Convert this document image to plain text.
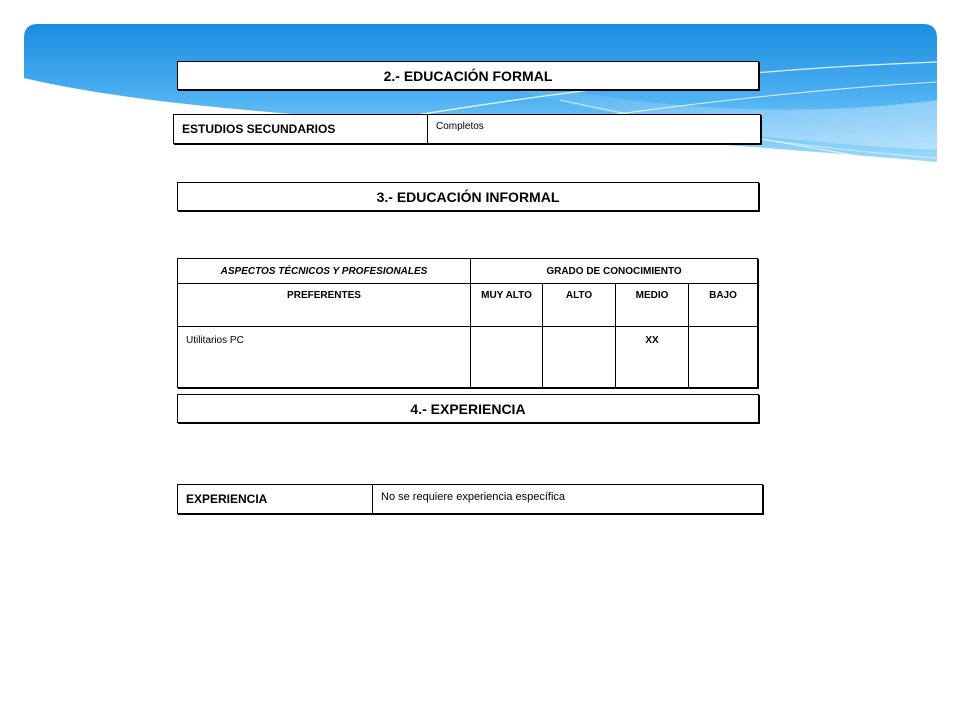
2.- EDUCACIÓN FORMAL
ESTUDIOS SECUNDARIOS	Completos
3.- EDUCACIÓN INFORMAL
ASPECTOS TÉCNICOS Y PROFESIONALES	GRADO DE CONOCIMIENTO			
PREFERENTES	MUY ALTO	ALTO	MEDIO	BAJO
Utilitarios PC			XX	
4.- EXPERIENCIA
EXPERIENCIA	No se requiere experiencia específica
